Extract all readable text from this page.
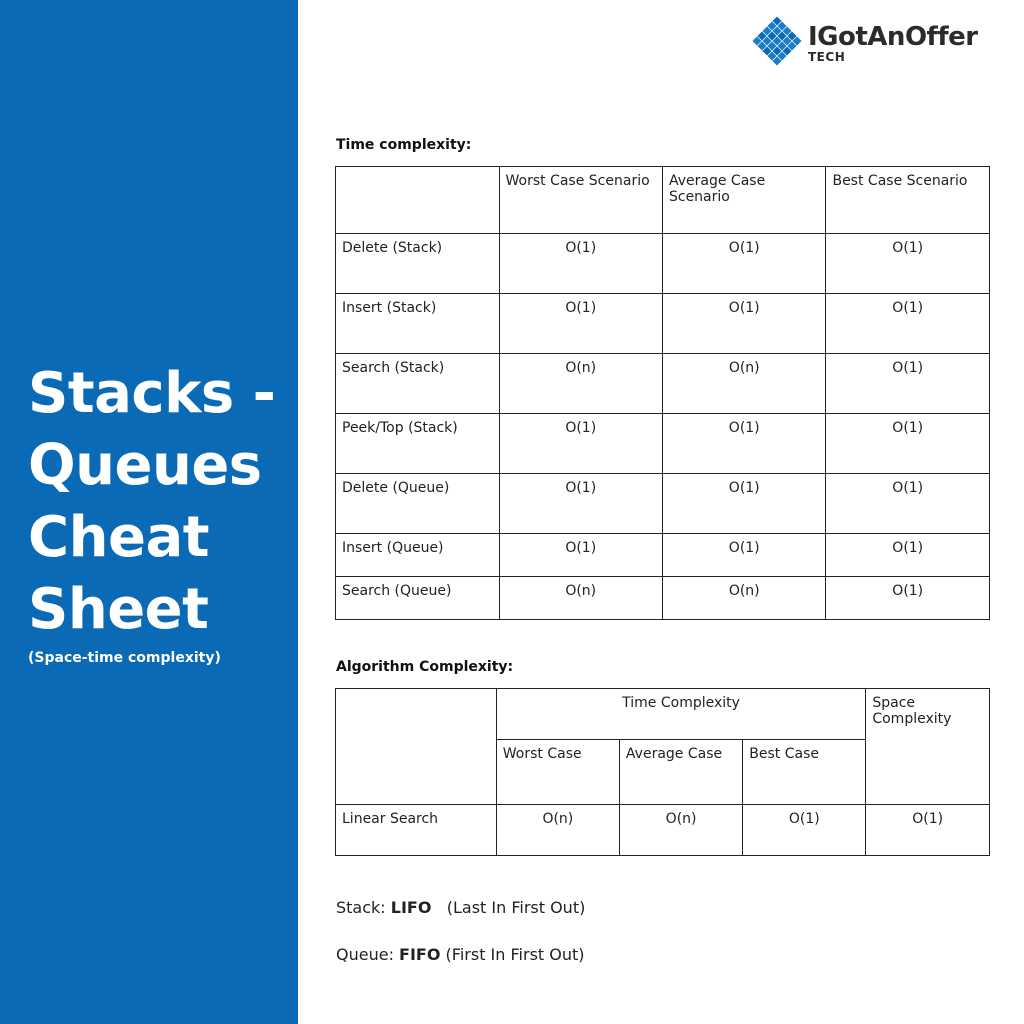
Stacks - Queues Cheat Sheet
(Space-time complexity)
IGotAnOffer
TECH
Time complexity:
	Worst Case Scenario	Average Case Scenario	Best Case Scenario
Delete (Stack)	O(1)	O(1)	O(1)
Insert (Stack)	O(1)	O(1)	O(1)
Search (Stack)	O(n)	O(n)	O(1)
Peek/Top (Stack)	O(1)	O(1)	O(1)
Delete (Queue)	O(1)	O(1)	O(1)
Insert (Queue)	O(1)	O(1)	O(1)
Search (Queue)	O(n)	O(n)	O(1)
Algorithm Complexity:
	Time Complexity			Space Complexity
	Worst Case	Average Case	Best Case	
Linear Search	O(n)	O(n)	O(1)	O(1)
Stack: LIFO   (Last In First Out)
Queue: FIFO (First In First Out)
